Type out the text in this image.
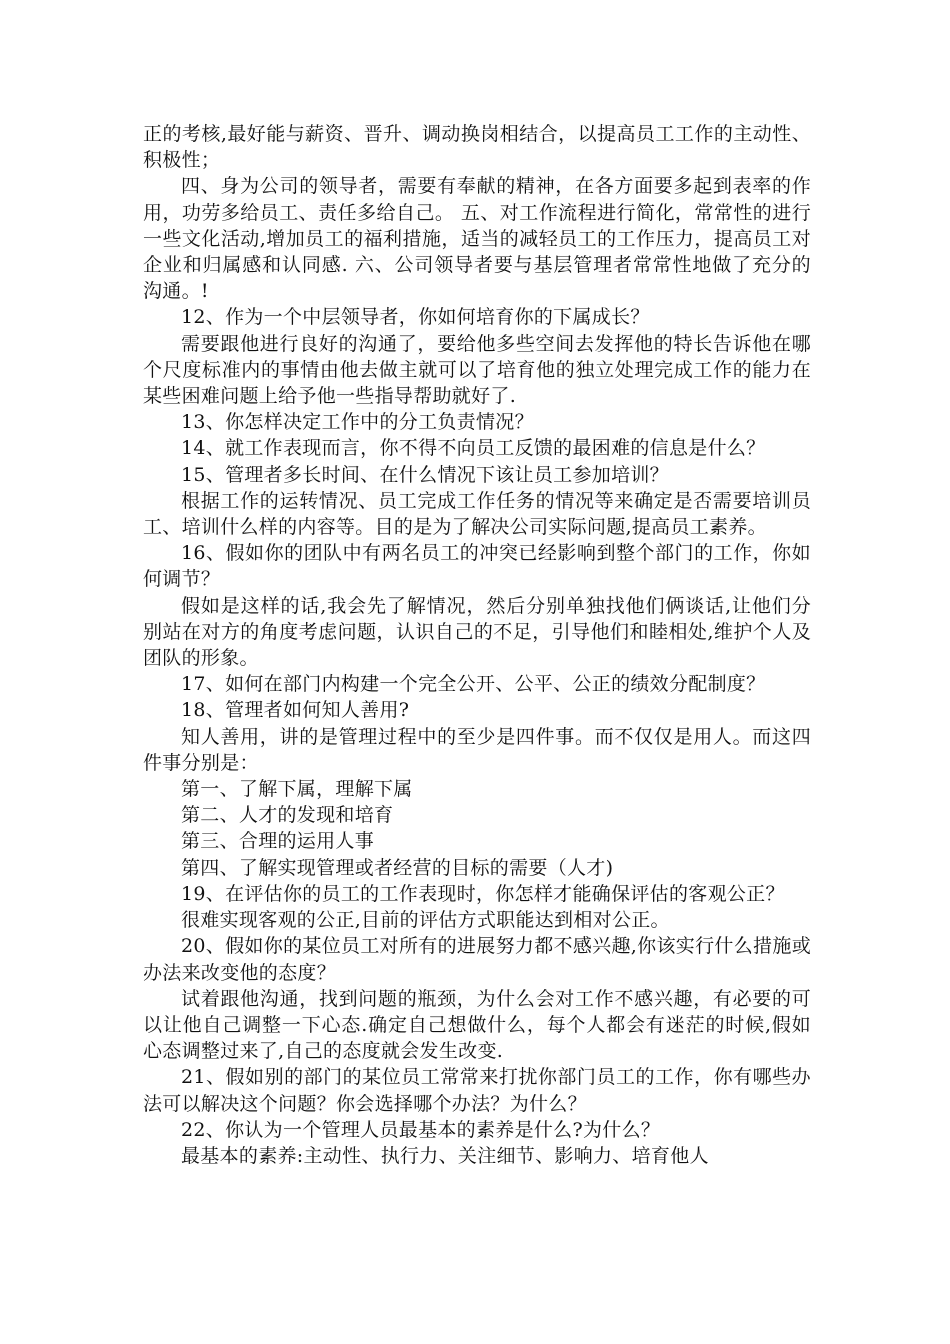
正的考核,最好能与薪资、晋升、调动换岗相结合，以提高员工工作的主动性、积极性；

四、身为公司的领导者，需要有奉献的精神，在各方面要多起到表率的作用，功劳多给员工、责任多给自己。 五、对工作流程进行简化，常常性的进行一些文化活动,增加员工的福利措施，适当的减轻员工的工作压力，提高员工对企业和归属感和认同感. 六、公司领导者要与基层管理者常常性地做了充分的沟通。!

12、作为一个中层领导者，你如何培育你的下属成长？

需要跟他进行良好的沟通了，要给他多些空间去发挥他的特长告诉他在哪个尺度标准内的事情由他去做主就可以了培育他的独立处理完成工作的能力在某些困难问题上给予他一些指导帮助就好了.

13、你怎样决定工作中的分工负责情况？

14、就工作表现而言，你不得不向员工反馈的最困难的信息是什么？

15、管理者多长时间、在什么情况下该让员工参加培训？

根据工作的运转情况、员工完成工作任务的情况等来确定是否需要培训员工、培训什么样的内容等。目的是为了解决公司实际问题,提高员工素养。

16、假如你的团队中有两名员工的冲突已经影响到整个部门的工作，你如何调节？

假如是这样的话,我会先了解情况，然后分别单独找他们俩谈话,让他们分别站在对方的角度考虑问题，认识自己的不足，引导他们和睦相处,维护个人及团队的形象。

17、如何在部门内构建一个完全公开、公平、公正的绩效分配制度？

18、管理者如何知人善用?

知人善用，讲的是管理过程中的至少是四件事。而不仅仅是用人。而这四件事分别是：

第一、了解下属，理解下属

第二、人才的发现和培育

第三、合理的运用人事

第四、了解实现管理或者经营的目标的需要（人才)

19、在评估你的员工的工作表现时，你怎样才能确保评估的客观公正？

很难实现客观的公正,目前的评估方式职能达到相对公正。

20、假如你的某位员工对所有的进展努力都不感兴趣,你该实行什么措施或办法来改变他的态度？

试着跟他沟通，找到问题的瓶颈，为什么会对工作不感兴趣，有必要的可以让他自己调整一下心态.确定自己想做什么，每个人都会有迷茫的时候,假如心态调整过来了,自己的态度就会发生改变.

21、假如别的部门的某位员工常常来打扰你部门员工的工作，你有哪些办法可以解决这个问题？你会选择哪个办法？为什么？

22、你认为一个管理人员最基本的素养是什么?为什么？

最基本的素养:主动性、执行力、关注细节、影响力、培育他人
